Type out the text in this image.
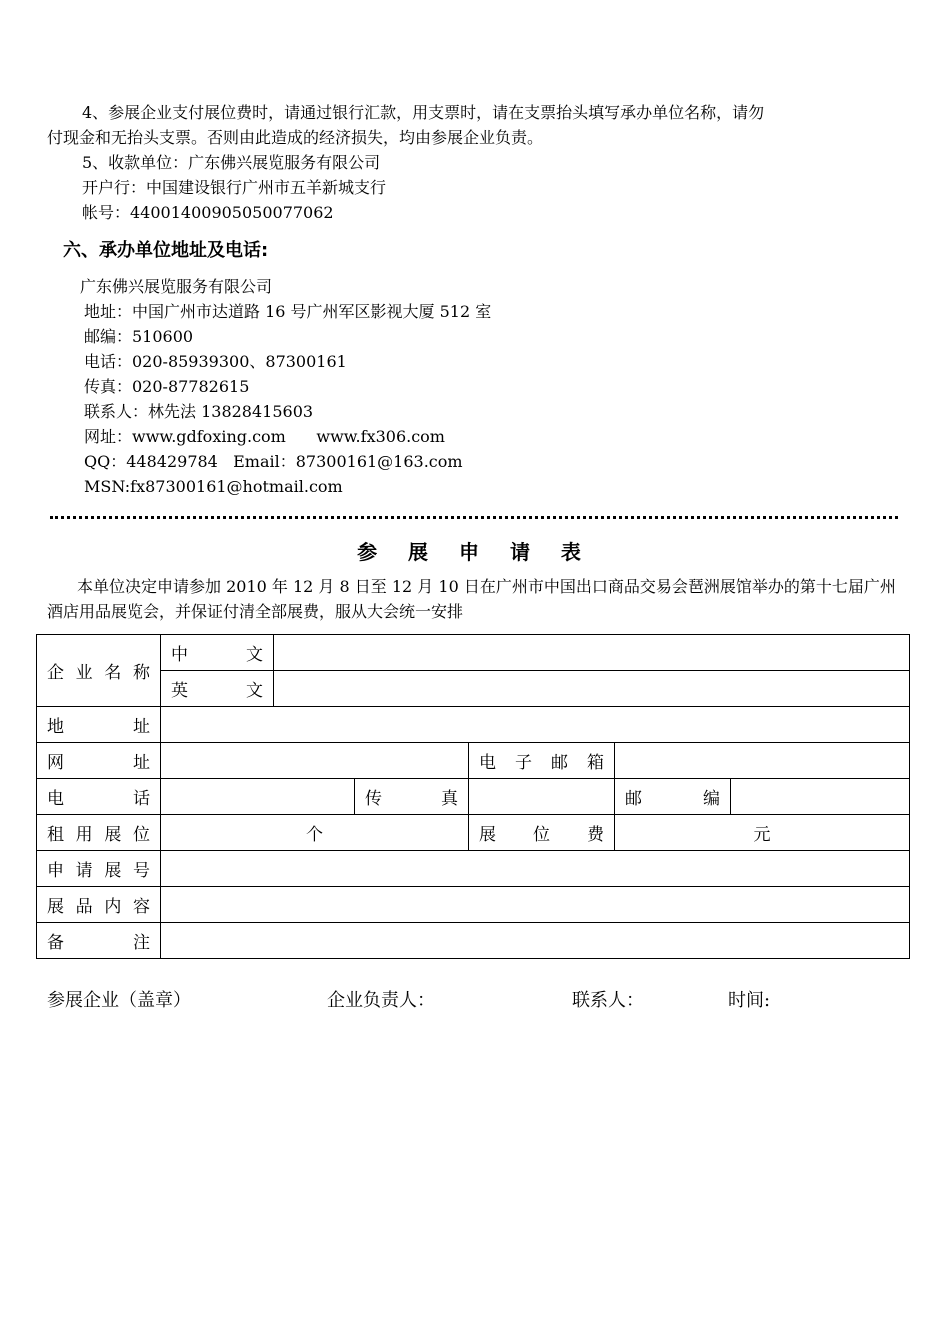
4、参展企业支付展位费时，请通过银行汇款，用支票时，请在支票抬头填写承办单位名称，请勿
付现金和无抬头支票。否则由此造成的经济损失，均由参展企业负责。
5、收款单位：广东佛兴展览服务有限公司
开户行：中国建设银行广州市五羊新城支行
帐号：44001400905050077062
六、承办单位地址及电话:
广东佛兴展览服务有限公司
地址：中国广州市达道路 16 号广州军区影视大厦 512 室
邮编：510600
电话：020-85939300、87300161
传真：020-87782615
联系人：林先法 13828415603
网址：www.gdfoxing.com      www.fx306.com
QQ：448429784   Email：87300161@163.com
MSN:fx87300161@hotmail.com
参 展 申 请 表
本单位决定申请参加 2010 年 12 月 8 日至 12 月 10 日在广州市中国出口商品交易会琶洲展馆举办的第十七届广州酒店用品展览会，并保证付清全部展费，服从大会统一安排
企 业 名 称	中 文					

	英 文					

地 址						

网 址				电 子 邮 箱		

电 话			传 真		邮 编	

租 用 展 位	个			展 位 费	元	

申 请 展 号						

展 品 内 容						

备 注						

参展企业（盖章）	企业负责人：	联系人：	时间:
